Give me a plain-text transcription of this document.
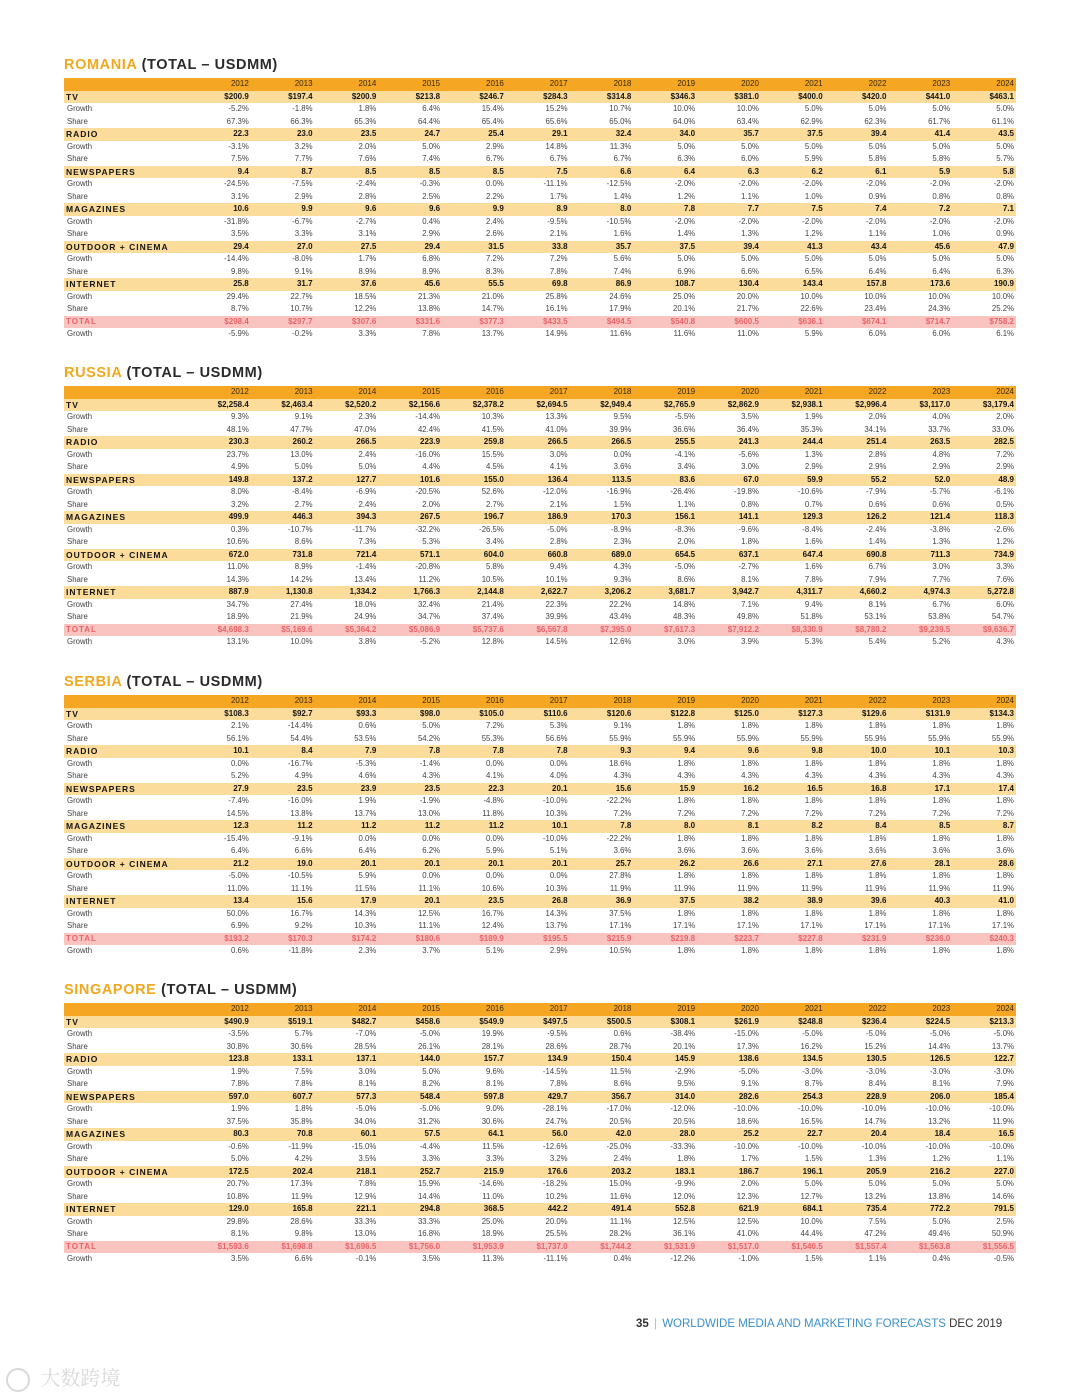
ROMANIA (TOTAL – USDMM)
	2012	2013	2014	2015	2016	2017	2018	2019	2020	2021	2022	2023	2024
TV	$200.9	$197.4	$200.9	$213.8	$246.7	$284.3	$314.8	$346.3	$381.0	$400.0	$420.0	$441.0	$463.1
Growth	-5.2%	-1.8%	1.8%	6.4%	15.4%	15.2%	10.7%	10.0%	10.0%	5.0%	5.0%	5.0%	5.0%
Share	67.3%	66.3%	65.3%	64.4%	65.4%	65.6%	65.0%	64.0%	63.4%	62.9%	62.3%	61.7%	61.1%
RADIO	22.3	23.0	23.5	24.7	25.4	29.1	32.4	34.0	35.7	37.5	39.4	41.4	43.5
Growth	-3.1%	3.2%	2.0%	5.0%	2.9%	14.8%	11.3%	5.0%	5.0%	5.0%	5.0%	5.0%	5.0%
Share	7.5%	7.7%	7.6%	7.4%	6.7%	6.7%	6.7%	6.3%	6.0%	5.9%	5.8%	5.8%	5.7%
NEWSPAPERS	9.4	8.7	8.5	8.5	8.5	7.5	6.6	6.4	6.3	6.2	6.1	5.9	5.8
Growth	-24.5%	-7.5%	-2.4%	-0.3%	0.0%	-11.1%	-12.5%	-2.0%	-2.0%	-2.0%	-2.0%	-2.0%	-2.0%
Share	3.1%	2.9%	2.8%	2.5%	2.2%	1.7%	1.4%	1.2%	1.1%	1.0%	0.9%	0.8%	0.8%
MAGAZINES	10.6	9.9	9.6	9.6	9.9	8.9	8.0	7.8	7.7	7.5	7.4	7.2	7.1
Growth	-31.8%	-6.7%	-2.7%	0.4%	2.4%	-9.5%	-10.5%	-2.0%	-2.0%	-2.0%	-2.0%	-2.0%	-2.0%
Share	3.5%	3.3%	3.1%	2.9%	2.6%	2.1%	1.6%	1.4%	1.3%	1.2%	1.1%	1.0%	0.9%
OUTDOOR + CINEMA	29.4	27.0	27.5	29.4	31.5	33.8	35.7	37.5	39.4	41.3	43.4	45.6	47.9
Growth	-14.4%	-8.0%	1.7%	6.8%	7.2%	7.2%	5.6%	5.0%	5.0%	5.0%	5.0%	5.0%	5.0%
Share	9.8%	9.1%	8.9%	8.9%	8.3%	7.8%	7.4%	6.9%	6.6%	6.5%	6.4%	6.4%	6.3%
INTERNET	25.8	31.7	37.6	45.6	55.5	69.8	86.9	108.7	130.4	143.4	157.8	173.6	190.9
Growth	29.4%	22.7%	18.5%	21.3%	21.0%	25.8%	24.6%	25.0%	20.0%	10.0%	10.0%	10.0%	10.0%
Share	8.7%	10.7%	12.2%	13.8%	14.7%	16.1%	17.9%	20.1%	21.7%	22.6%	23.4%	24.3%	25.2%
TOTAL	$298.4	$297.7	$307.6	$331.6	$377.3	$433.5	$494.5	$540.8	$600.5	$636.1	$674.1	$714.7	$758.2
Growth	-5.9%	-0.2%	3.3%	7.8%	13.7%	14.9%	11.6%	11.6%	11.0%	5.9%	6.0%	6.0%	6.1%
RUSSIA (TOTAL – USDMM)
	2012	2013	2014	2015	2016	2017	2018	2019	2020	2021	2022	2023	2024
TV	$2,258.4	$2,463.4	$2,520.2	$2,156.6	$2,378.2	$2,694.5	$2,949.4	$2,765.9	$2,862.9	$2,938.1	$2,996.4	$3,117.0	$3,179.4
Growth	9.3%	9.1%	2.3%	-14.4%	10.3%	13.3%	9.5%	-5.5%	3.5%	1.9%	2.0%	4.0%	2.0%
Share	48.1%	47.7%	47.0%	42.4%	41.5%	41.0%	39.9%	36.6%	36.4%	35.3%	34.1%	33.7%	33.0%
RADIO	230.3	260.2	266.5	223.9	259.8	266.5	266.5	255.5	241.3	244.4	251.4	263.5	282.5
Growth	23.7%	13.0%	2.4%	-16.0%	15.5%	3.0%	0.0%	-4.1%	-5.6%	1.3%	2.8%	4.8%	7.2%
Share	4.9%	5.0%	5.0%	4.4%	4.5%	4.1%	3.6%	3.4%	3.0%	2.9%	2.9%	2.9%	2.9%
NEWSPAPERS	149.8	137.2	127.7	101.6	155.0	136.4	113.5	83.6	67.0	59.9	55.2	52.0	48.9
Growth	8.0%	-8.4%	-6.9%	-20.5%	52.6%	-12.0%	-16.9%	-26.4%	-19.8%	-10.6%	-7.9%	-5.7%	-6.1%
Share	3.2%	2.7%	2.4%	2.0%	2.7%	2.1%	1.5%	1.1%	0.8%	0.7%	0.6%	0.6%	0.5%
MAGAZINES	499.9	446.3	394.3	267.5	196.7	186.9	170.3	156.1	141.1	129.3	126.2	121.4	118.3
Growth	0.3%	-10.7%	-11.7%	-32.2%	-26.5%	-5.0%	-8.9%	-8.3%	-9.6%	-8.4%	-2.4%	-3.8%	-2.6%
Share	10.6%	8.6%	7.3%	5.3%	3.4%	2.8%	2.3%	2.0%	1.8%	1.6%	1.4%	1.3%	1.2%
OUTDOOR + CINEMA	672.0	731.8	721.4	571.1	604.0	660.8	689.0	654.5	637.1	647.4	690.8	711.3	734.9
Growth	11.0%	8.9%	-1.4%	-20.8%	5.8%	9.4%	4.3%	-5.0%	-2.7%	1.6%	6.7%	3.0%	3.3%
Share	14.3%	14.2%	13.4%	11.2%	10.5%	10.1%	9.3%	8.6%	8.1%	7.8%	7.9%	7.7%	7.6%
INTERNET	887.9	1,130.8	1,334.2	1,766.3	2,144.8	2,622.7	3,206.2	3,681.7	3,942.7	4,311.7	4,660.2	4,974.3	5,272.8
Growth	34.7%	27.4%	18.0%	32.4%	21.4%	22.3%	22.2%	14.8%	7.1%	9.4%	8.1%	6.7%	6.0%
Share	18.9%	21.9%	24.9%	34.7%	37.4%	39.9%	43.4%	48.3%	49.8%	51.8%	53.1%	53.8%	54.7%
TOTAL	$4,698.3	$5,169.6	$5,364.2	$5,086.9	$5,737.6	$6,567.8	$7,395.0	$7,617.3	$7,912.2	$8,330.9	$8,780.2	$9,239.5	$9,636.7
Growth	13.1%	10.0%	3.8%	-5.2%	12.8%	14.5%	12.6%	3.0%	3.9%	5.3%	5.4%	5.2%	4.3%
SERBIA (TOTAL – USDMM)
	2012	2013	2014	2015	2016	2017	2018	2019	2020	2021	2022	2023	2024
TV	$108.3	$92.7	$93.3	$98.0	$105.0	$110.6	$120.6	$122.8	$125.0	$127.3	$129.6	$131.9	$134.3
Growth	2.1%	-14.4%	0.6%	5.0%	7.2%	5.3%	9.1%	1.8%	1.8%	1.8%	1.8%	1.8%	1.8%
Share	56.1%	54.4%	53.5%	54.2%	55.3%	56.6%	55.9%	55.9%	55.9%	55.9%	55.9%	55.9%	55.9%
RADIO	10.1	8.4	7.9	7.8	7.8	7.8	9.3	9.4	9.6	9.8	10.0	10.1	10.3
Growth	0.0%	-16.7%	-5.3%	-1.4%	0.0%	0.0%	18.6%	1.8%	1.8%	1.8%	1.8%	1.8%	1.8%
Share	5.2%	4.9%	4.6%	4.3%	4.1%	4.0%	4.3%	4.3%	4.3%	4.3%	4.3%	4.3%	4.3%
NEWSPAPERS	27.9	23.5	23.9	23.5	22.3	20.1	15.6	15.9	16.2	16.5	16.8	17.1	17.4
Growth	-7.4%	-16.0%	1.9%	-1.9%	-4.8%	-10.0%	-22.2%	1.8%	1.8%	1.8%	1.8%	1.8%	1.8%
Share	14.5%	13.8%	13.7%	13.0%	11.8%	10.3%	7.2%	7.2%	7.2%	7.2%	7.2%	7.2%	7.2%
MAGAZINES	12.3	11.2	11.2	11.2	11.2	10.1	7.8	8.0	8.1	8.2	8.4	8.5	8.7
Growth	-15.4%	-9.1%	0.0%	0.0%	0.0%	-10.0%	-22.2%	1.8%	1.8%	1.8%	1.8%	1.8%	1.8%
Share	6.4%	6.6%	6.4%	6.2%	5.9%	5.1%	3.6%	3.6%	3.6%	3.6%	3.6%	3.6%	3.6%
OUTDOOR + CINEMA	21.2	19.0	20.1	20.1	20.1	20.1	25.7	26.2	26.6	27.1	27.6	28.1	28.6
Growth	-5.0%	-10.5%	5.9%	0.0%	0.0%	0.0%	27.8%	1.8%	1.8%	1.8%	1.8%	1.8%	1.8%
Share	11.0%	11.1%	11.5%	11.1%	10.6%	10.3%	11.9%	11.9%	11.9%	11.9%	11.9%	11.9%	11.9%
INTERNET	13.4	15.6	17.9	20.1	23.5	26.8	36.9	37.5	38.2	38.9	39.6	40.3	41.0
Growth	50.0%	16.7%	14.3%	12.5%	16.7%	14.3%	37.5%	1.8%	1.8%	1.8%	1.8%	1.8%	1.8%
Share	6.9%	9.2%	10.3%	11.1%	12.4%	13.7%	17.1%	17.1%	17.1%	17.1%	17.1%	17.1%	17.1%
TOTAL	$193.2	$170.3	$174.2	$180.6	$189.9	$195.5	$215.9	$219.8	$223.7	$227.8	$231.9	$236.0	$240.3
Growth	0.6%	-11.8%	2.3%	3.7%	5.1%	2.9%	10.5%	1.8%	1.8%	1.8%	1.8%	1.8%	1.8%
SINGAPORE (TOTAL – USDMM)
	2012	2013	2014	2015	2016	2017	2018	2019	2020	2021	2022	2023	2024
TV	$490.9	$519.1	$482.7	$458.6	$549.9	$497.5	$500.5	$308.1	$261.9	$248.8	$236.4	$224.5	$213.3
Growth	-3.5%	5.7%	-7.0%	-5.0%	19.9%	-9.5%	0.6%	-38.4%	-15.0%	-5.0%	-5.0%	-5.0%	-5.0%
Share	30.8%	30.6%	28.5%	26.1%	28.1%	28.6%	28.7%	20.1%	17.3%	16.2%	15.2%	14.4%	13.7%
RADIO	123.8	133.1	137.1	144.0	157.7	134.9	150.4	145.9	138.6	134.5	130.5	126.5	122.7
Growth	1.9%	7.5%	3.0%	5.0%	9.6%	-14.5%	11.5%	-2.9%	-5.0%	-3.0%	-3.0%	-3.0%	-3.0%
Share	7.8%	7.8%	8.1%	8.2%	8.1%	7.8%	8.6%	9.5%	9.1%	8.7%	8.4%	8.1%	7.9%
NEWSPAPERS	597.0	607.7	577.3	548.4	597.8	429.7	356.7	314.0	282.6	254.3	228.9	206.0	185.4
Growth	1.9%	1.8%	-5.0%	-5.0%	9.0%	-28.1%	-17.0%	-12.0%	-10.0%	-10.0%	-10.0%	-10.0%	-10.0%
Share	37.5%	35.8%	34.0%	31.2%	30.6%	24.7%	20.5%	20.5%	18.6%	16.5%	14.7%	13.2%	11.9%
MAGAZINES	80.3	70.8	60.1	57.5	64.1	56.0	42.0	28.0	25.2	22.7	20.4	18.4	16.5
Growth	-0.6%	-11.9%	-15.0%	-4.4%	11.5%	-12.6%	-25.0%	-33.3%	-10.0%	-10.0%	-10.0%	-10.0%	-10.0%
Share	5.0%	4.2%	3.5%	3.3%	3.3%	3.2%	2.4%	1.8%	1.7%	1.5%	1.3%	1.2%	1.1%
OUTDOOR + CINEMA	172.5	202.4	218.1	252.7	215.9	176.6	203.2	183.1	186.7	196.1	205.9	216.2	227.0
Growth	20.7%	17.3%	7.8%	15.9%	-14.6%	-18.2%	15.0%	-9.9%	2.0%	5.0%	5.0%	5.0%	5.0%
Share	10.8%	11.9%	12.9%	14.4%	11.0%	10.2%	11.6%	12.0%	12.3%	12.7%	13.2%	13.8%	14.6%
INTERNET	129.0	165.8	221.1	294.8	368.5	442.2	491.4	552.8	621.9	684.1	735.4	772.2	791.5
Growth	29.8%	28.6%	33.3%	33.3%	25.0%	20.0%	11.1%	12.5%	12.5%	10.0%	7.5%	5.0%	2.5%
Share	8.1%	9.8%	13.0%	16.8%	18.9%	25.5%	28.2%	36.1%	41.0%	44.4%	47.2%	49.4%	50.9%
TOTAL	$1,593.6	$1,698.8	$1,696.5	$1,756.0	$1,953.9	$1,737.0	$1,744.2	$1,531.9	$1,517.0	$1,540.5	$1,557.4	$1,563.8	$1,556.5
Growth	3.5%	6.6%	-0.1%	3.5%	11.3%	-11.1%	0.4%	-12.2%	-1.0%	1.5%	1.1%	0.4%	-0.5%
35 | WORLDWIDE MEDIA AND MARKETING FORECASTS DEC 2019
大数跨境
